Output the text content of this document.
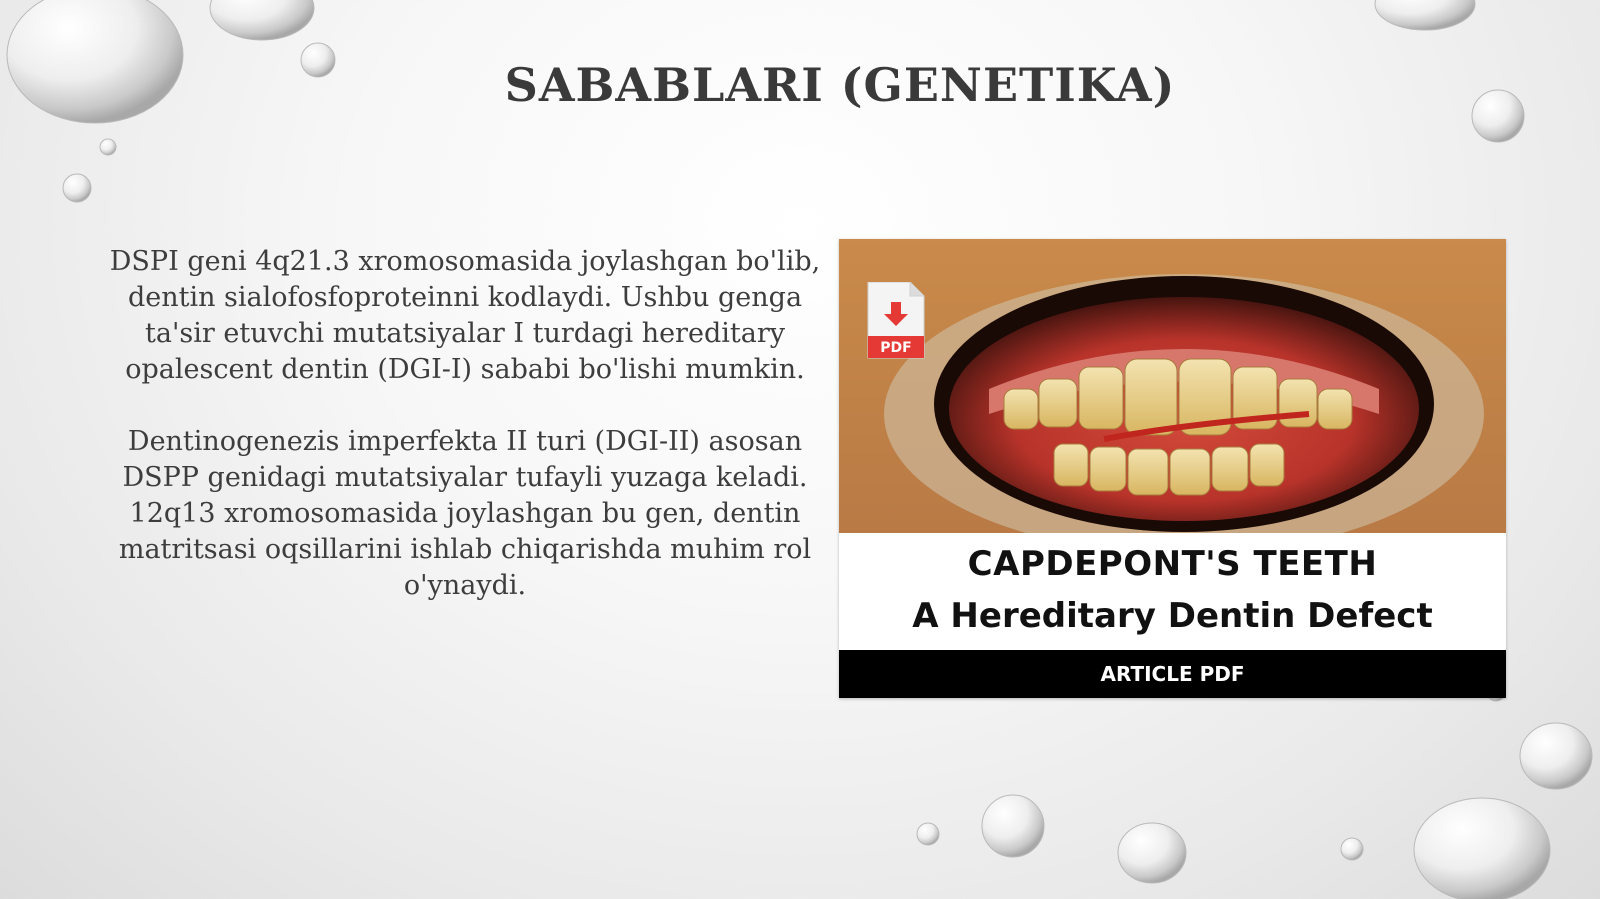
SABABLARI (GENETIKA)

DSPI geni 4q21.3 xromosomasida joylashgan bo'lib, dentin sialofosfoproteinni kodlaydi. Ushbu genga ta'sir etuvchi mutatsiyalar I turdagi hereditary opalescent dentin (DGI-I) sababi bo'lishi mumkin.

Dentinogenezis imperfekta II turi (DGI-II) asosan DSPP genidagi mutatsiyalar tufayli yuzaga keladi. 12q13 xromosomasida joylashgan bu gen, dentin matritsasi oqsillarini ishlab chiqarishda muhim rol o'ynaydi.

PDF
CAPDEPONT'S TEETH
A Hereditary Dentin Defect
ARTICLE PDF
